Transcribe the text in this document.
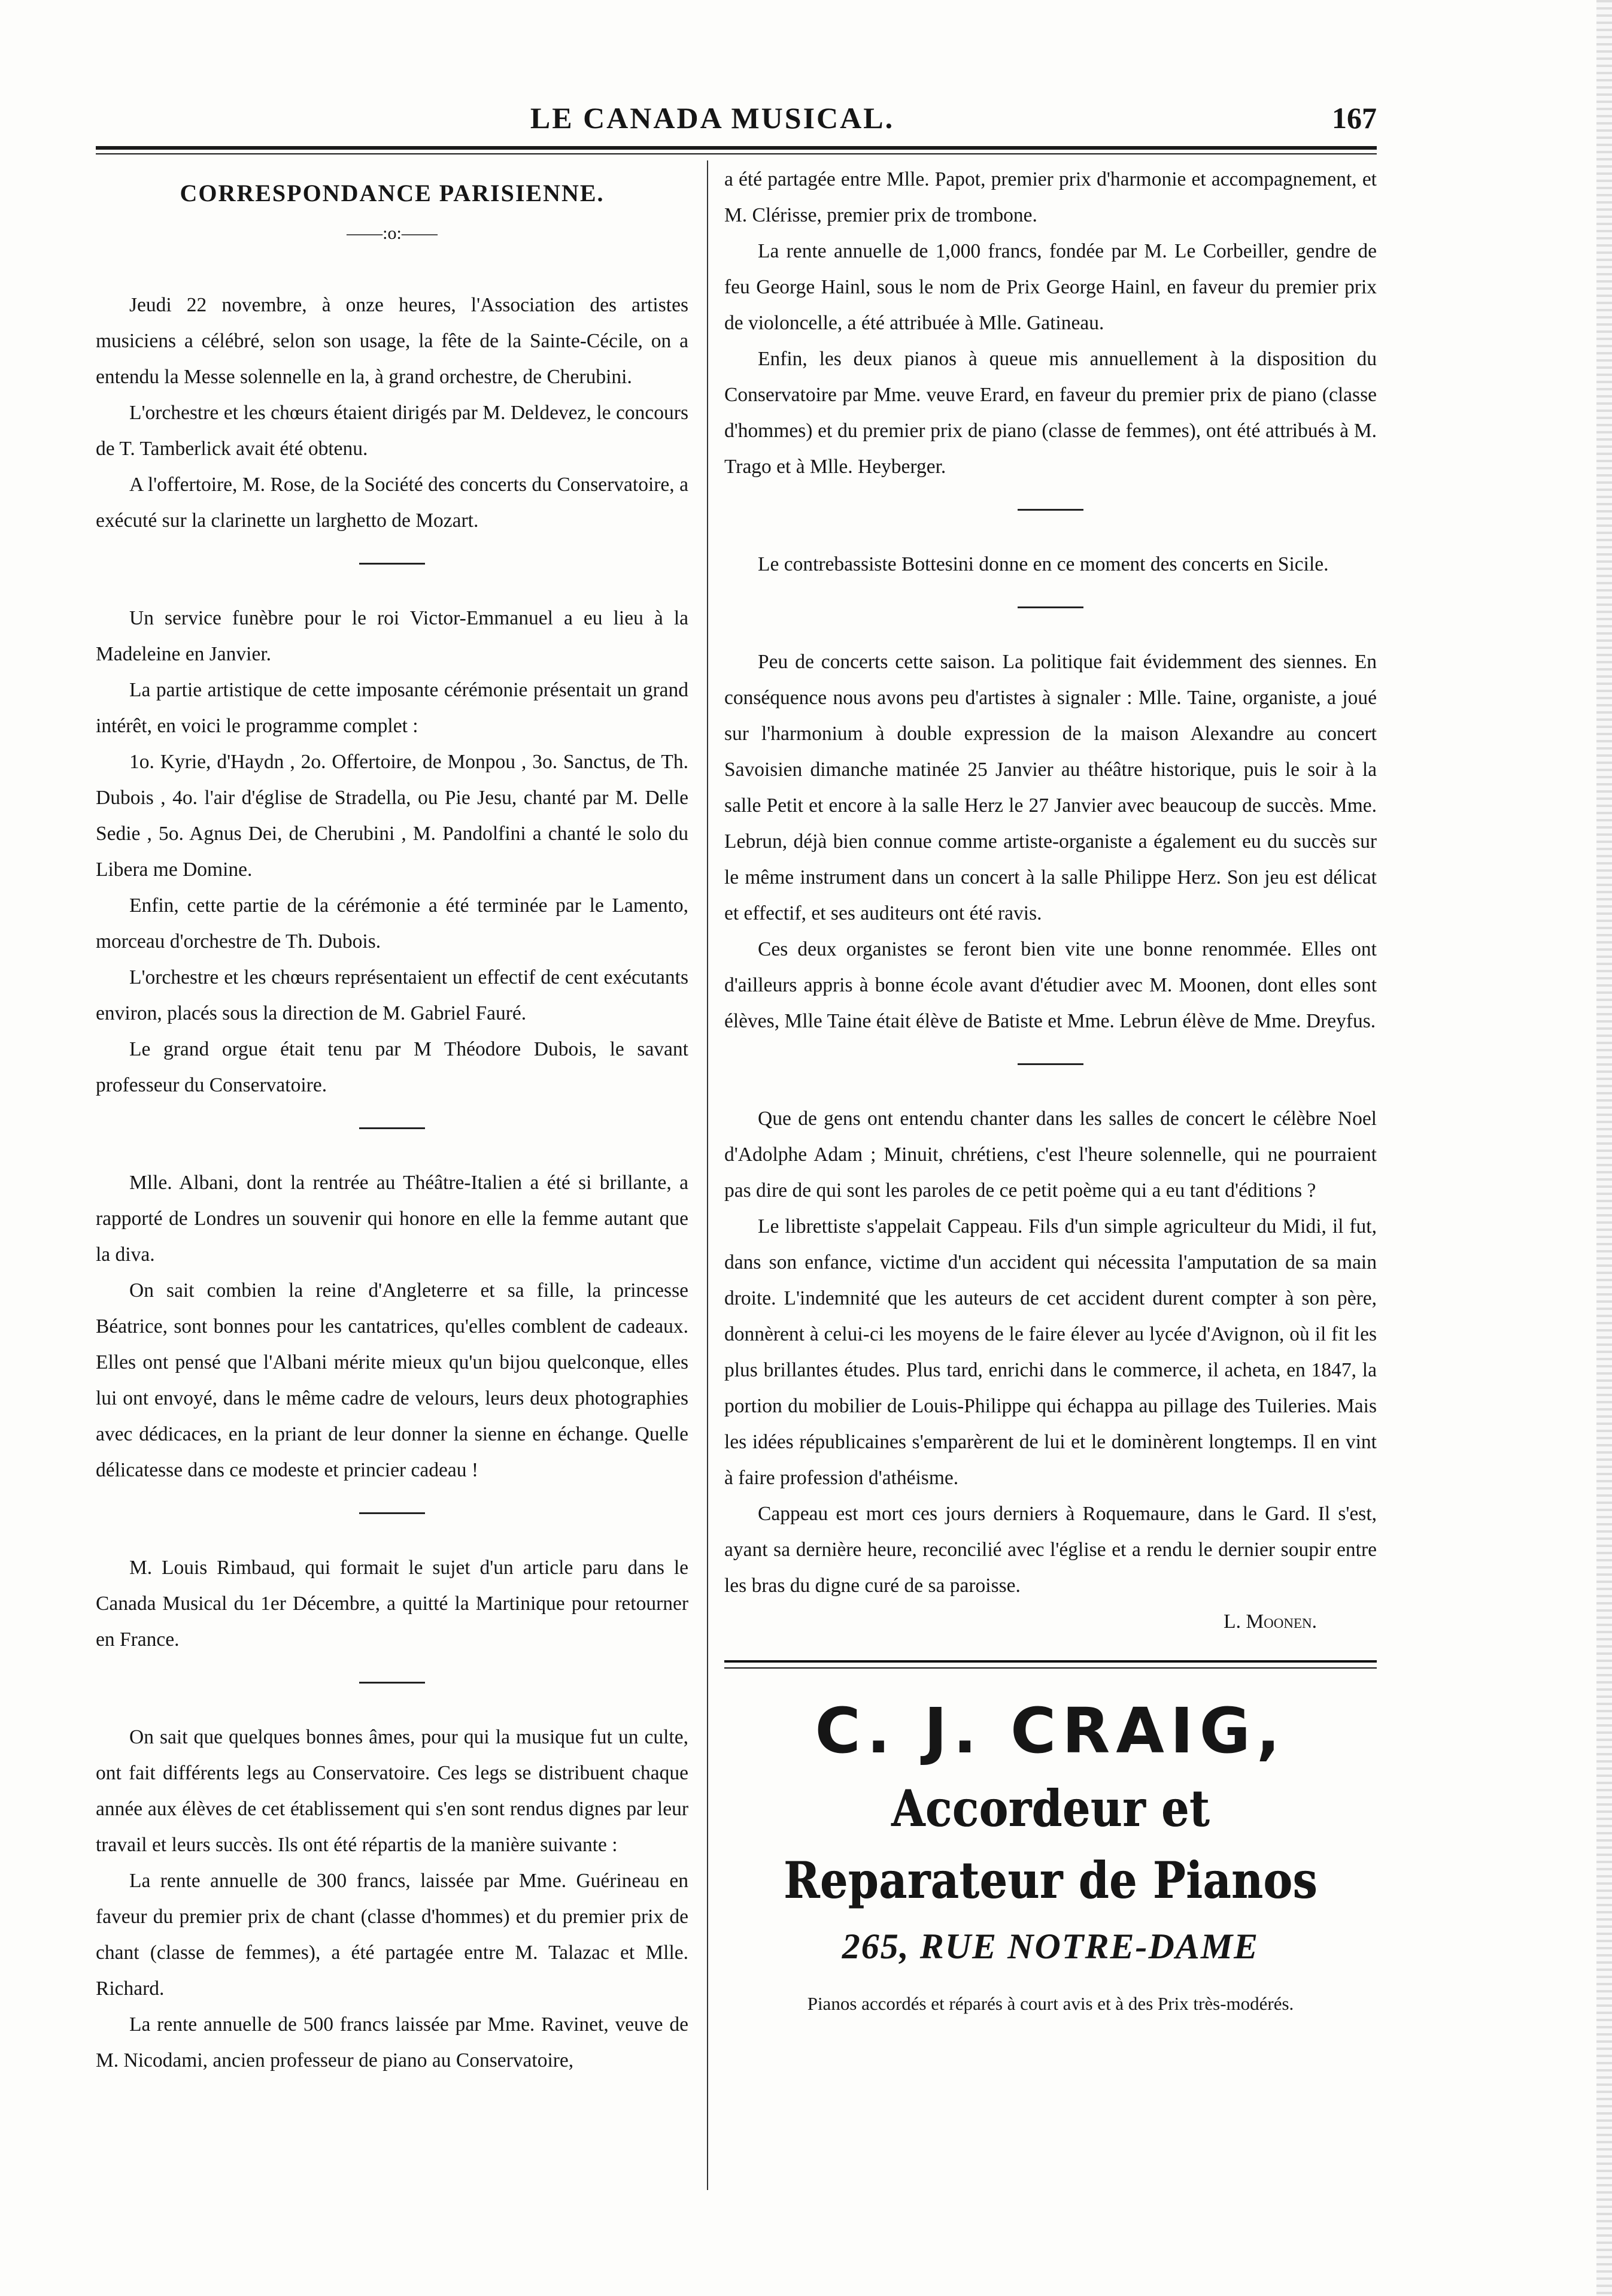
LE CANADA MUSICAL.	167
CORRESPONDANCE PARISIENNE.
——:o:——

Jeudi 22 novembre, à onze heures, l'Association des artistes musiciens a célébré, selon son usage, la fête de la Sainte-Cécile, on a entendu la Messe solennelle en la, à grand orchestre, de Cherubini.

L'orchestre et les chœurs étaient dirigés par M. Deldevez, le concours de T. Tamberlick avait été obtenu.

A l'offertoire, M. Rose, de la Société des concerts du Conservatoire, a exécuté sur la clarinette un larghetto de Mozart.

Un service funèbre pour le roi Victor-Emmanuel a eu lieu à la Madeleine en Janvier.

La partie artistique de cette imposante cérémonie présentait un grand intérêt, en voici le programme complet :

1o. Kyrie, d'Haydn , 2o. Offertoire, de Monpou , 3o. Sanctus, de Th. Dubois , 4o. l'air d'église de Stradella, ou Pie Jesu, chanté par M. Delle Sedie , 5o. Agnus Dei, de Cherubini , M. Pandolfini a chanté le solo du Libera me Domine.

Enfin, cette partie de la cérémonie a été terminée par le Lamento, morceau d'orchestre de Th. Dubois.

L'orchestre et les chœurs représentaient un effectif de cent exécutants environ, placés sous la direction de M. Gabriel Fauré.

Le grand orgue était tenu par M Théodore Dubois, le savant professeur du Conservatoire.

Mlle. Albani, dont la rentrée au Théâtre-Italien a été si brillante, a rapporté de Londres un souvenir qui honore en elle la femme autant que la diva.

On sait combien la reine d'Angleterre et sa fille, la princesse Béatrice, sont bonnes pour les cantatrices, qu'elles comblent de cadeaux. Elles ont pensé que l'Albani mérite mieux qu'un bijou quelconque, elles lui ont envoyé, dans le même cadre de velours, leurs deux photographies avec dédicaces, en la priant de leur donner la sienne en échange. Quelle délicatesse dans ce modeste et princier cadeau !

M. Louis Rimbaud, qui formait le sujet d'un article paru dans le Canada Musical du 1er Décembre, a quitté la Martinique pour retourner en France.

On sait que quelques bonnes âmes, pour qui la musique fut un culte, ont fait différents legs au Conservatoire. Ces legs se distribuent chaque année aux élèves de cet établissement qui s'en sont rendus dignes par leur travail et leurs succès. Ils ont été répartis de la manière suivante :

La rente annuelle de 300 francs, laissée par Mme. Guérineau en faveur du premier prix de chant (classe d'hommes) et du premier prix de chant (classe de femmes), a été partagée entre M. Talazac et Mlle. Richard.

La rente annuelle de 500 francs laissée par Mme. Ravinet, veuve de M. Nicodami, ancien professeur de piano au Conservatoire,

a été partagée entre Mlle. Papot, premier prix d'harmonie et accompagnement, et M. Clérisse, premier prix de trombone.

La rente annuelle de 1,000 francs, fondée par M. Le Corbeiller, gendre de feu George Hainl, sous le nom de Prix George Hainl, en faveur du premier prix de violoncelle, a été attribuée à Mlle. Gatineau.

Enfin, les deux pianos à queue mis annuellement à la disposition du Conservatoire par Mme. veuve Erard, en faveur du premier prix de piano (classe d'hommes) et du premier prix de piano (classe de femmes), ont été attribués à M. Trago et à Mlle. Heyberger.

Le contrebassiste Bottesini donne en ce moment des concerts en Sicile.

Peu de concerts cette saison. La politique fait évidemment des siennes. En conséquence nous avons peu d'artistes à signaler : Mlle. Taine, organiste, a joué sur l'harmonium à double expression de la maison Alexandre au concert Savoisien dimanche matinée 25 Janvier au théâtre historique, puis le soir à la salle Petit et encore à la salle Herz le 27 Janvier avec beaucoup de succès. Mme. Lebrun, déjà bien connue comme artiste-organiste a également eu du succès sur le même instrument dans un concert à la salle Philippe Herz. Son jeu est délicat et effectif, et ses auditeurs ont été ravis.

Ces deux organistes se feront bien vite une bonne renommée. Elles ont d'ailleurs appris à bonne école avant d'étudier avec M. Moonen, dont elles sont élèves, Mlle Taine était élève de Batiste et Mme. Lebrun élève de Mme. Dreyfus.

Que de gens ont entendu chanter dans les salles de concert le célèbre Noel d'Adolphe Adam ; Minuit, chrétiens, c'est l'heure solennelle, qui ne pourraient pas dire de qui sont les paroles de ce petit poème qui a eu tant d'éditions ?

Le librettiste s'appelait Cappeau. Fils d'un simple agriculteur du Midi, il fut, dans son enfance, victime d'un accident qui nécessita l'amputation de sa main droite. L'indemnité que les auteurs de cet accident durent compter à son père, donnèrent à celui-ci les moyens de le faire élever au lycée d'Avignon, où il fit les plus brillantes études. Plus tard, enrichi dans le commerce, il acheta, en 1847, la portion du mobilier de Louis-Philippe qui échappa au pillage des Tuileries. Mais les idées républicaines s'emparèrent de lui et le dominèrent longtemps. Il en vint à faire profession d'athéisme.

Cappeau est mort ces jours derniers à Roquemaure, dans le Gard. Il s'est, ayant sa dernière heure, reconcilié avec l'église et a rendu le dernier soupir entre les bras du digne curé de sa paroisse.

L. Moonen.

C. J. CRAIG,
Accordeur et Reparateur de Pianos
265, RUE NOTRE-DAME

Pianos accordés et réparés à court avis et à des Prix très-modérés.
